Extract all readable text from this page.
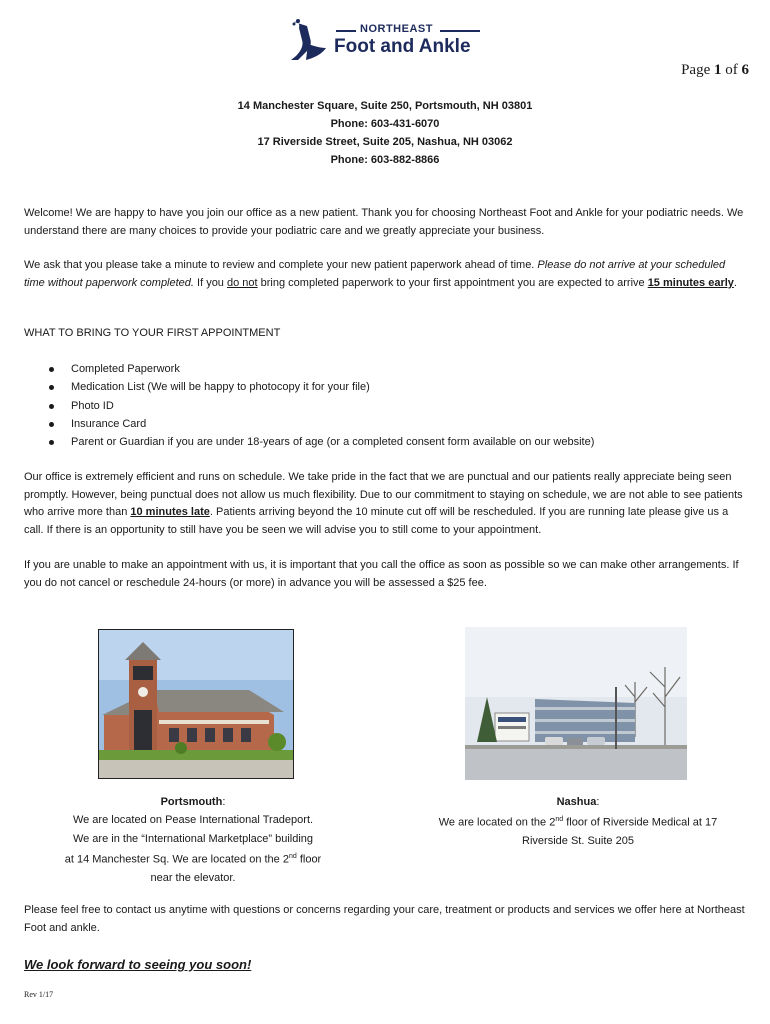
NORTHEAST
Foot and Ankle
Page 1 of 6
14 Manchester Square, Suite 250, Portsmouth, NH 03801
Phone: 603-431-6070
17 Riverside Street, Suite 205, Nashua, NH 03062
Phone: 603-882-8866
Welcome! We are happy to have you join our office as a new patient. Thank you for choosing Northeast Foot and Ankle for your podiatric needs. We understand there are many choices to provide your podiatric care and we greatly appreciate your business.
We ask that you please take a minute to review and complete your new patient paperwork ahead of time. Please do not arrive at your scheduled time without paperwork completed. If you do not bring completed paperwork to your first appointment you are expected to arrive 15 minutes early.
WHAT TO BRING TO YOUR FIRST APPOINTMENT
Completed Paperwork
Medication List (We will be happy to photocopy it for your file)
Photo ID
Insurance Card
Parent or Guardian if you are under 18-years of age (or a completed consent form available on our website)
Our office is extremely efficient and runs on schedule. We take pride in the fact that we are punctual and our patients really appreciate being seen promptly. However, being punctual does not allow us much flexibility. Due to our commitment to staying on schedule, we are not able to see patients who arrive more than 10 minutes late. Patients arriving beyond the 10 minute cut off will be rescheduled. If you are running late please give us a call. If there is an opportunity to still have you be seen we will advise you to still come to your appointment.
If you are unable to make an appointment with us, it is important that you call the office as soon as possible so we can make other arrangements. If you do not cancel or reschedule 24-hours (or more) in advance you will be assessed a $25 fee.
Portsmouth:
We are located on Pease International Tradeport.
We are in the “International Marketplace” building
at 14 Manchester Sq. We are located on the 2nd floor
near the elevator.
Nashua:
We are located on the 2nd floor of Riverside Medical at 17
Riverside St. Suite 205
Please feel free to contact us anytime with questions or concerns regarding your care, treatment or products and services we offer here at Northeast Foot and ankle.
We look forward to seeing you soon!
Rev 1/17
